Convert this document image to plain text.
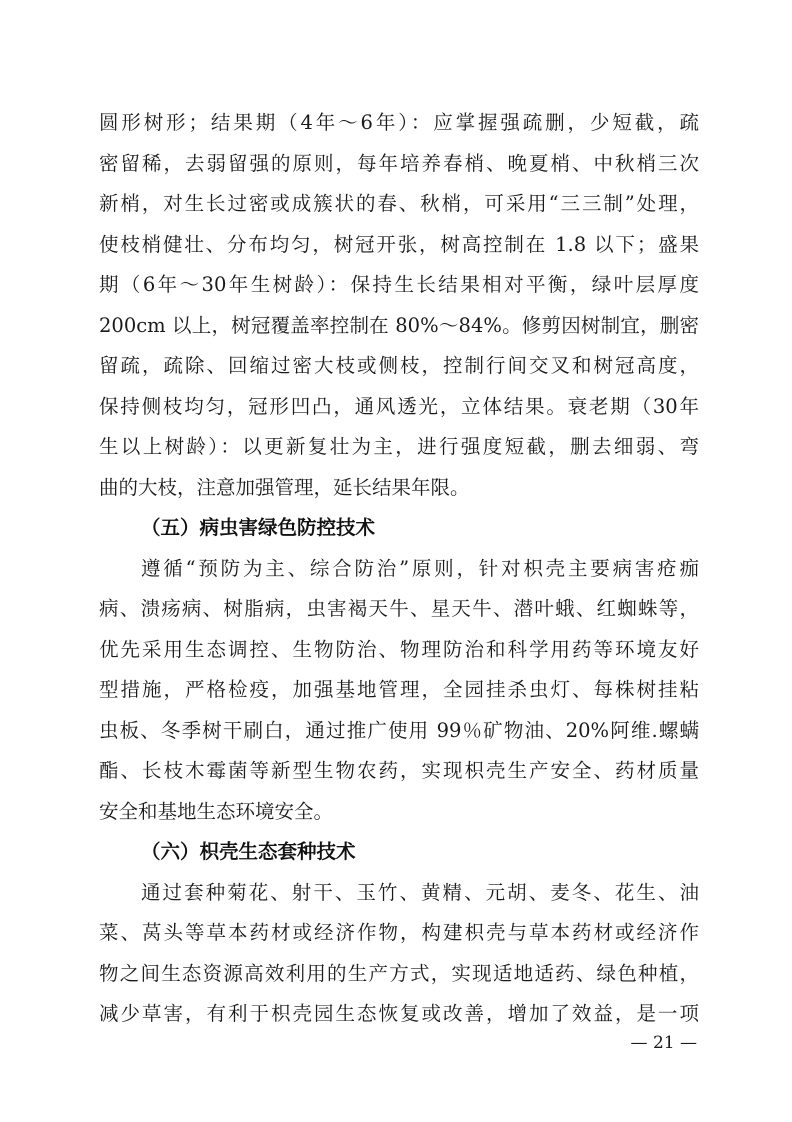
圆形树形；结果期（4年～6年）：应掌握强疏删，少短截，疏
密留稀，去弱留强的原则，每年培养春梢、晚夏梢、中秋梢三次
新梢，对生长过密或成簇状的春、秋梢，可采用“三三制”处理，
使枝梢健壮、分布均匀，树冠开张，树高控制在 1.8 以下；盛果
期（6年～30年生树龄）：保持生长结果相对平衡，绿叶层厚度
200cm 以上，树冠覆盖率控制在 80%～84%。修剪因树制宜，删密
留疏，疏除、回缩过密大枝或侧枝，控制行间交叉和树冠高度，
保持侧枝均匀，冠形凹凸，通风透光，立体结果。衰老期（30年
生以上树龄）：以更新复壮为主，进行强度短截，删去细弱、弯
曲的大枝，注意加强管理，延长结果年限。
（五）病虫害绿色防控技术
遵循“预防为主、综合防治”原则，针对枳壳主要病害疮痂
病、溃疡病、树脂病，虫害褐天牛、星天牛、潜叶蛾、红蜘蛛等，
优先采用生态调控、生物防治、物理防治和科学用药等环境友好
型措施，严格检疫，加强基地管理，全园挂杀虫灯、每株树挂粘
虫板、冬季树干刷白，通过推广使用 99％矿物油、20%阿维.螺螨
酯、长枝木霉菌等新型生物农药，实现枳壳生产安全、药材质量
安全和基地生态环境安全。
（六）枳壳生态套种技术
通过套种菊花、射干、玉竹、黄精、元胡、麦冬、花生、油
菜、莴头等草本药材或经济作物，构建枳壳与草本药材或经济作
物之间生态资源高效利用的生产方式，实现适地适药、绿色种植，
减少草害，有利于枳壳园生态恢复或改善，增加了效益，是一项
— 21 —
